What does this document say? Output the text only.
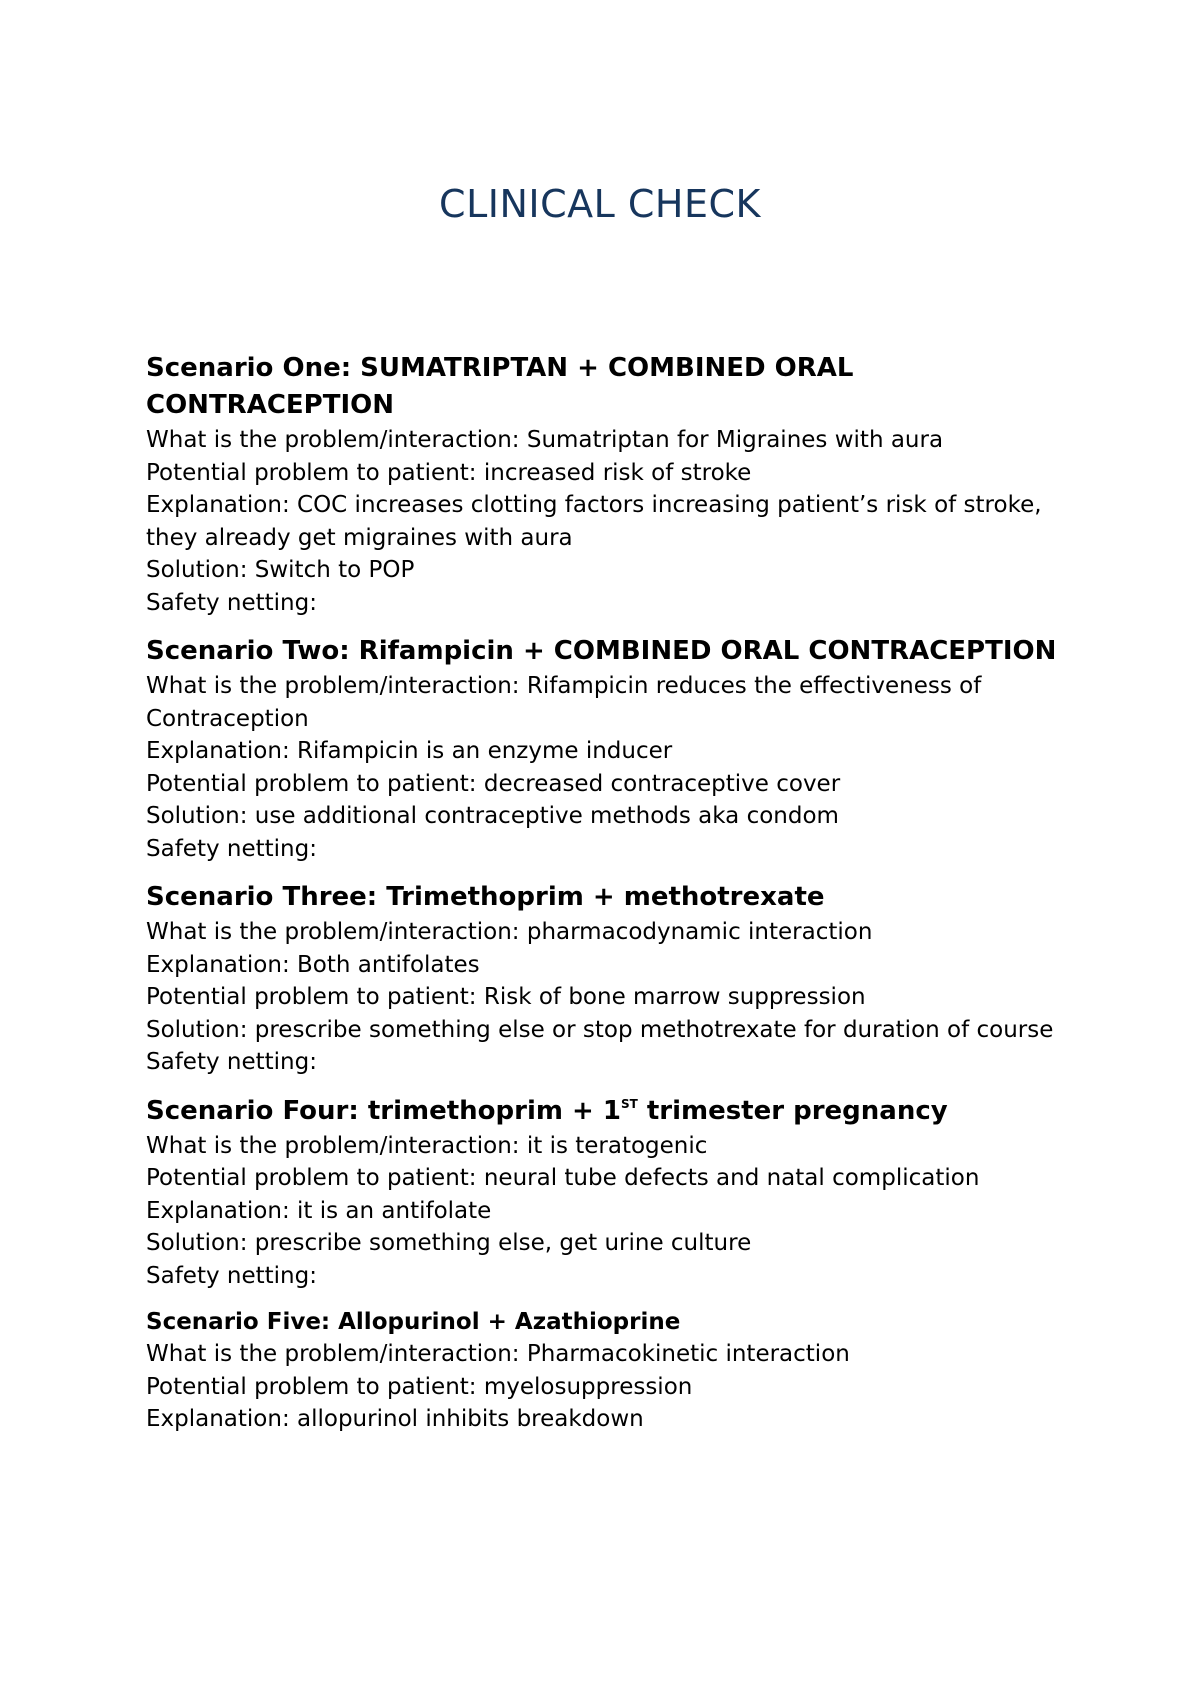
CLINICAL CHECK
Scenario One: SUMATRIPTAN + COMBINED ORAL CONTRACEPTION

What is the problem/interaction: Sumatriptan for Migraines with aura

Potential problem to patient: increased risk of stroke

Explanation: COC increases clotting factors increasing patient’s risk of stroke, they already get migraines with aura

Solution: Switch to POP

Safety netting:

Scenario Two: Rifampicin + COMBINED ORAL CONTRACEPTION

What is the problem/interaction: Rifampicin reduces the effectiveness of Contraception

Explanation: Rifampicin is an enzyme inducer

Potential problem to patient: decreased contraceptive cover

Solution: use additional contraceptive methods aka condom

Safety netting:

Scenario Three: Trimethoprim + methotrexate

What is the problem/interaction: pharmacodynamic interaction

Explanation: Both antifolates

Potential problem to patient: Risk of bone marrow suppression

Solution: prescribe something else or stop methotrexate for duration of course

Safety netting:

Scenario Four: trimethoprim + 1ST trimester pregnancy

What is the problem/interaction: it is teratogenic

Potential problem to patient: neural tube defects and natal complication

Explanation: it is an antifolate

Solution: prescribe something else, get urine culture

Safety netting:

Scenario Five: Allopurinol + Azathioprine

What is the problem/interaction: Pharmacokinetic interaction

Potential problem to patient: myelosuppression

Explanation: allopurinol inhibits breakdown
